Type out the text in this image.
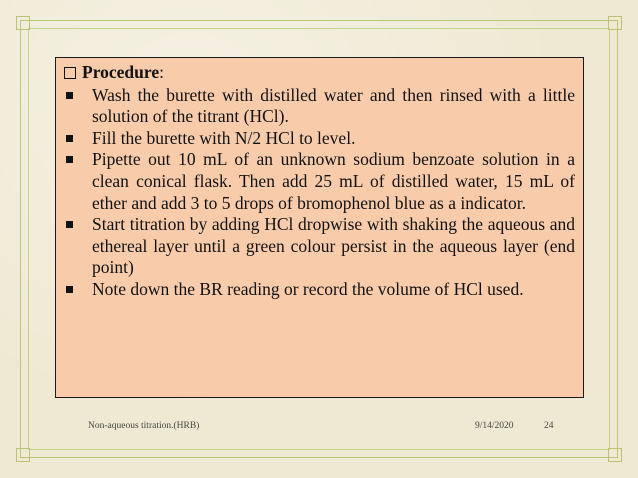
Procedure :
Wash the burette with distilled water and then rinsed with a little solution of the titrant (HCl).
Fill the burette with N/2 HCl to level.
Pipette out 10 mL of an unknown sodium benzoate solution in a clean conical flask. Then add 25 mL of distilled water, 15 mL of ether and add 3 to 5 drops of bromophenol blue as a indicator.
Start titration by adding HCl dropwise with shaking the aqueous and ethereal layer until a green colour persist in the aqueous layer (end point)
Note down the BR reading or record the volume of HCl used.
Non-aqueous titration.(HRB)	9/14/2020	24
